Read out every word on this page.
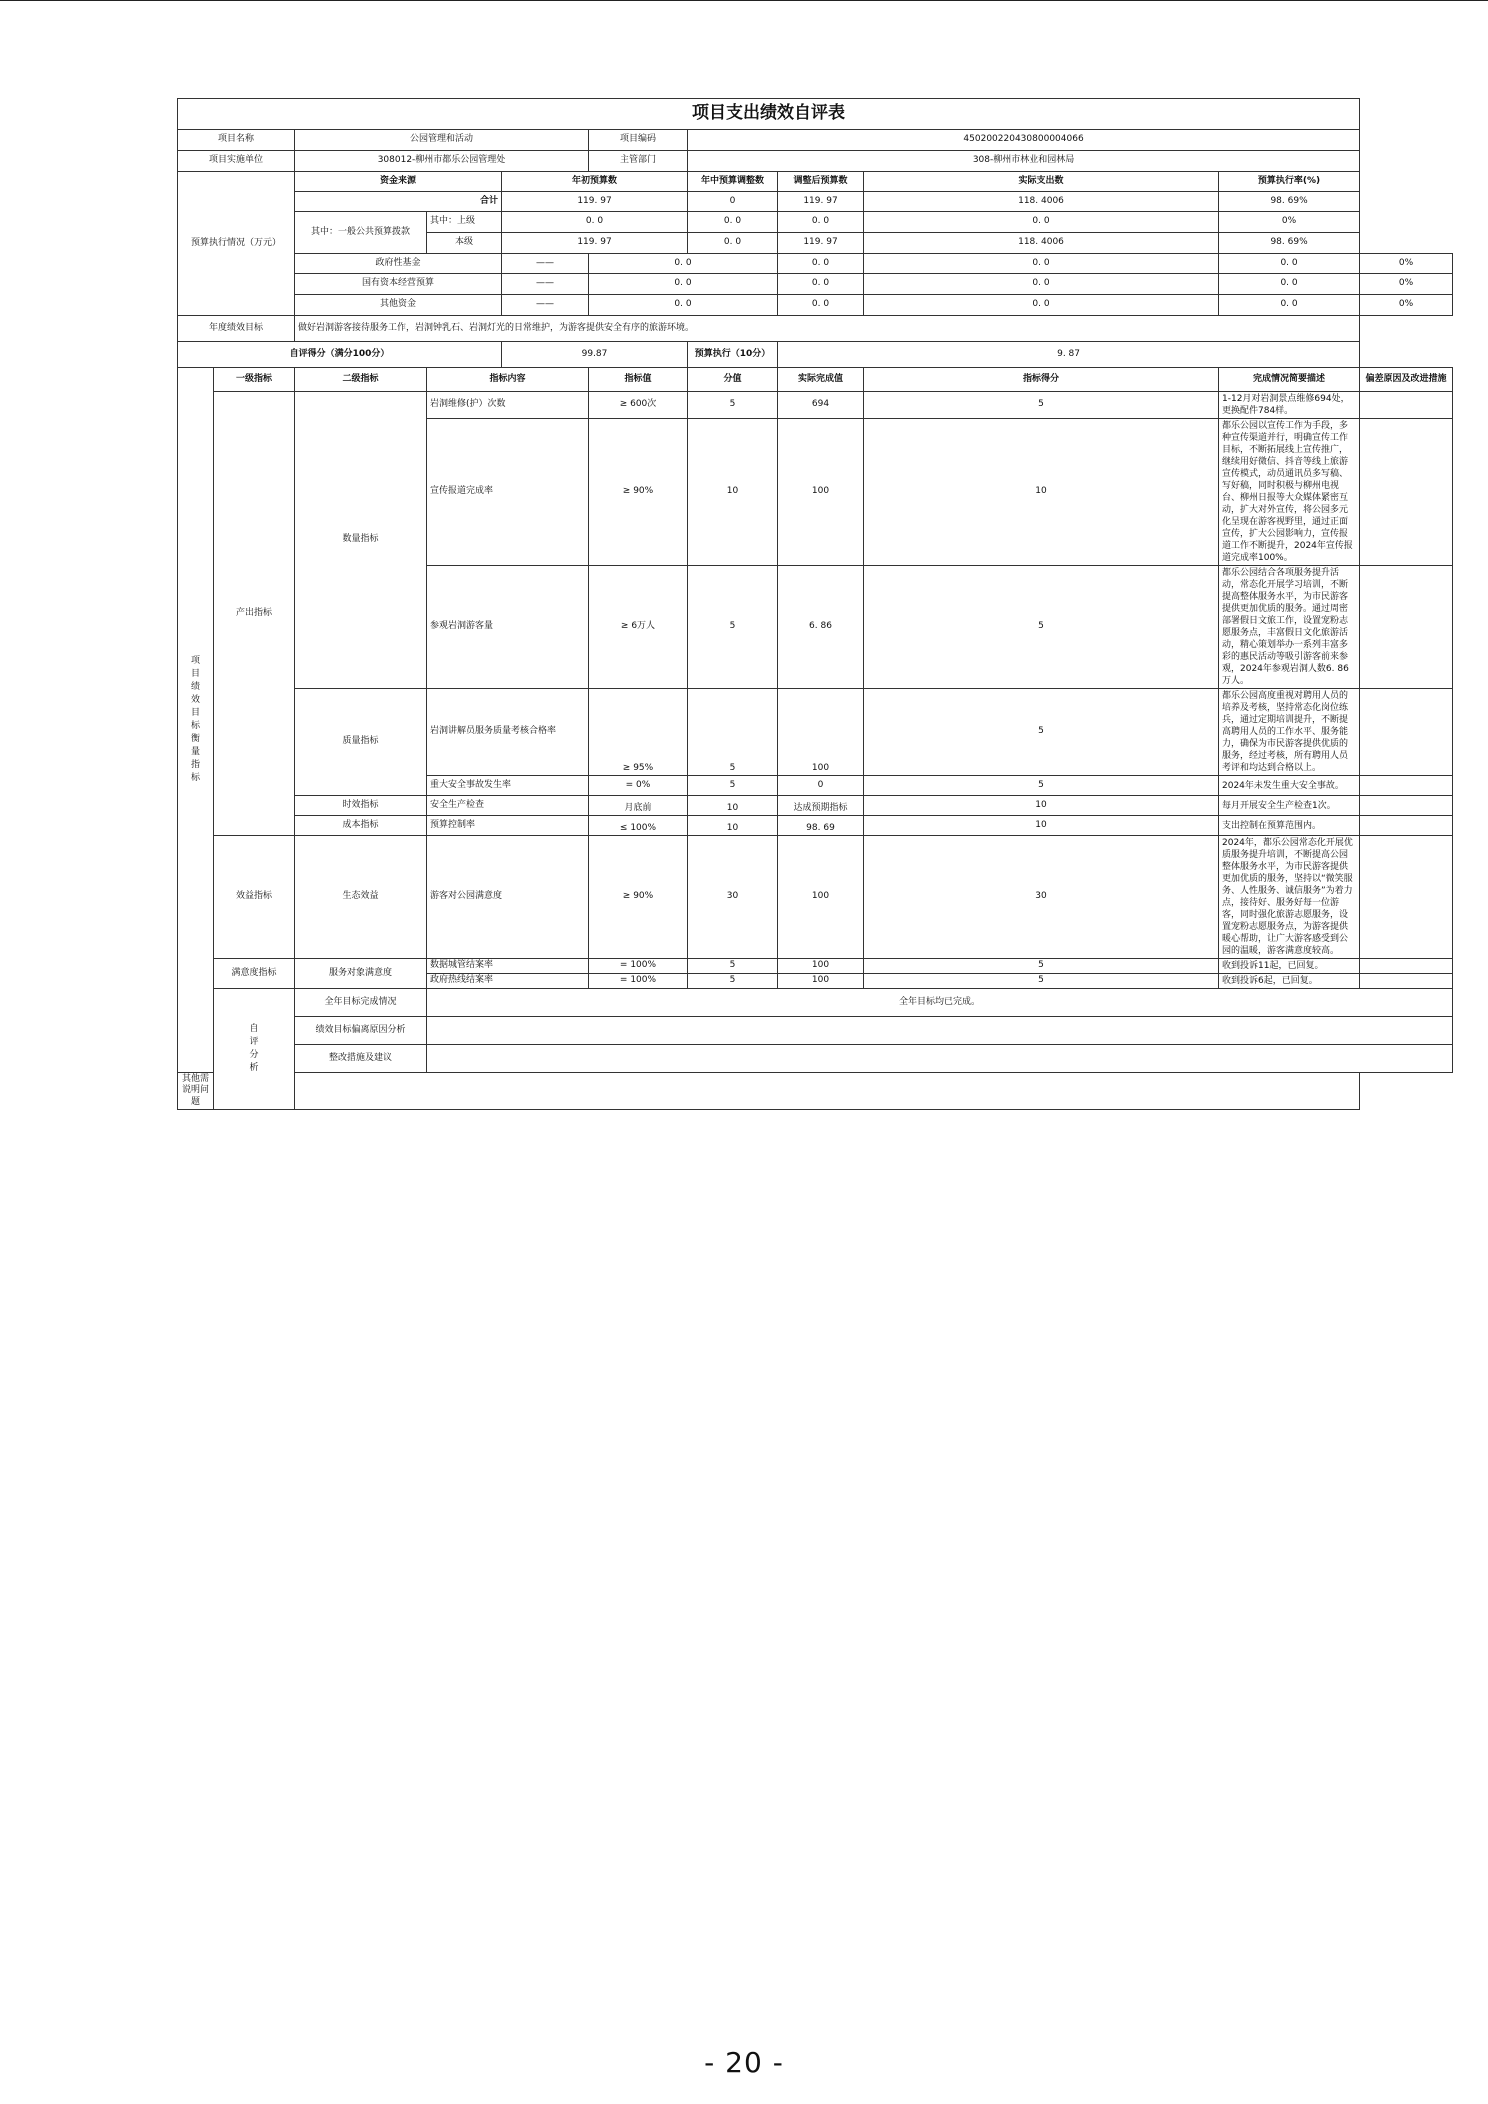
项目支出绩效自评表										
项目名称		公园管理和活动			项目编码	450200220430800004066				
项目实施单位		308012-柳州市都乐公园管理处			主管部门	308-柳州市林业和园林局				
预算执行情况（万元）		资金来源		年初预算数		年中预算调整数	调整后预算数	实际支出数	预算执行率(%)	
		合计		119. 97		0	119. 97	118. 4006	98. 69%	
		其中：一般公共预算拨款	其中：上级	0. 0		0. 0	0. 0	0. 0	0%	
			本级	119. 97		0. 0	119. 97	118. 4006	98. 69%	
		政府性基金		——	0. 0		0. 0	0. 0	0. 0	0%
		国有资本经营预算		——	0. 0		0. 0	0. 0	0. 0	0%
		其他资金		——	0. 0		0. 0	0. 0	0. 0	0%
年度绩效目标		做好岩洞游客接待服务工作，岩洞钟乳石、岩洞灯光的日常维护，为游客提供安全有序的旅游环境。								
自评得分（满分100分）				99.87		预算执行（10分）	9. 87			
项目绩效目标衡量指标	一级指标	二级指标	指标内容		指标值	分值	实际完成值	指标得分	完成情况简要描述	偏差原因及改进措施
	产出指标	数量指标	岩洞维修(护）次数		≥ 600次	5	694	5	1-12月对岩洞景点维修694处，更换配件784样。	
			宣传报道完成率		≥ 90%	10	100	10	都乐公园以宣传工作为手段，多种宣传渠道并行，明确宣传工作目标，不断拓展线上宣传推广，继续用好微信、抖音等线上旅游宣传模式，动员通讯员多写稿、写好稿，同时积极与柳州电视台、柳州日报等大众媒体紧密互动，扩大对外宣传，将公园多元化呈现在游客视野里，通过正面宣传，扩大公园影响力，宣传报道工作不断提升，2024年宣传报道完成率100%。	
			参观岩洞游客量		≥ 6万人	5	6. 86	5	都乐公园结合各项服务提升活动，常态化开展学习培训，不断提高整体服务水平，为市民游客提供更加优质的服务。通过周密部署假日文旅工作，设置宠粉志愿服务点，丰富假日文化旅游活动，精心策划举办一系列丰富多彩的惠民活动等吸引游客前来参观，2024年参观岩洞人数6. 86万人。	
		质量指标	岩洞讲解员服务质量考核合格率		≥ 95%	5	100	5	都乐公园高度重视对聘用人员的培养及考核，坚持常态化岗位练兵，通过定期培训提升，不断提高聘用人员的工作水平、服务能力，确保为市民游客提供优质的服务，经过考核，所有聘用人员考评和均达到合格以上。	
			重大安全事故发生率		= 0%	5	0	5	2024年未发生重大安全事故。	
		时效指标	安全生产检查		月底前	10	达成预期指标	10	每月开展安全生产检查1次。	
		成本指标	预算控制率		≤ 100%	10	98. 69	10	支出控制在预算范围内。	
	效益指标	生态效益	游客对公园满意度		≥ 90%	30	100	30	2024年，都乐公园常态化开展优质服务提升培训，不断提高公园整体服务水平，为市民游客提供更加优质的服务，坚持以“微笑服务、人性服务、诚信服务”为着力点，接待好、服务好每一位游客，同时强化旅游志愿服务，设置宠粉志愿服务点，为游客提供暖心帮助，让广大游客感受到公园的温暖，游客满意度较高。	
	满意度指标	服务对象满意度	数据城管结案率		= 100%	5	100	5	收到投诉11起，已回复。	
			政府热线结案率		= 100%	5	100	5	收到投诉6起，已回复。	
	自评分析	全年目标完成情况	全年目标均已完成。							
		绩效目标偏离原因分析								
		整改措施及建议								
其他需说明问题										
- 20 -
